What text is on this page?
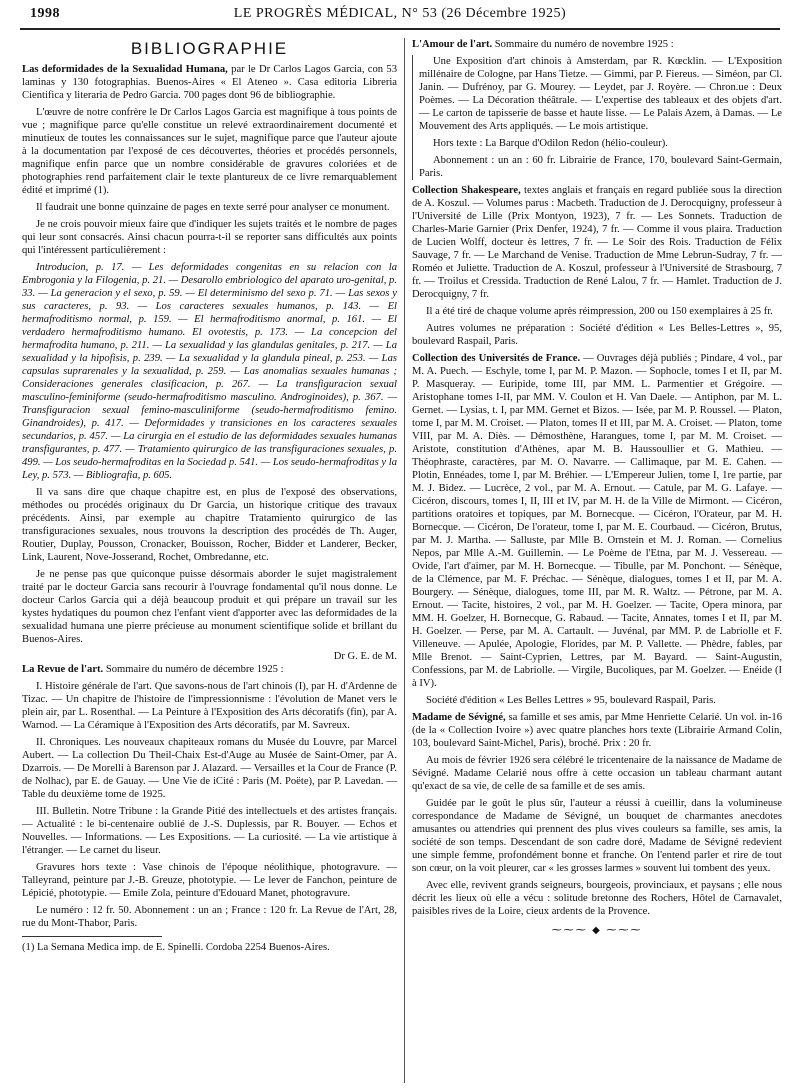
1998	LE PROGRÈS MÉDICAL, N° 53 (26 Décembre 1925)
BIBLIOGRAPHIE

Las deformidades de la Sexualidad Humana, par le Dr Carlos Lagos Garcia, con 53 laminas y 130 fotographias. Buenos-Aires « El Ateneo ». Casa editoria Libreria Cientifica y literaria de Pedro Garcia. 700 pages dont 96 de bibliographie.

L'œuvre de notre confrère le Dr Carlos Lagos Garcia est magnifique à tous points de vue ; magnifique parce qu'elle constitue un relevé extraordinairement documenté et minutieux de toutes les connaissances sur le sujet, magnifique parce que l'auteur ajoute à la documentation par l'exposé de ces découvertes, théories et procédés personnels, magnifique enfin parce que un nombre considérable de gravures coloriées et de photographies rend parfaitement clair le texte plantureux de ce livre remarquablement édité et imprimé (1).

Il faudrait une bonne quinzaine de pages en texte serré pour analyser ce monument.

Je ne crois pouvoir mieux faire que d'indiquer les sujets traités et le nombre de pages qui leur sont consacrés. Ainsi chacun pourra-t-il se reporter sans difficultés aux points qui l'intéressent particulièrement :

Introducion, p. 17. — Les deformidades congenitas en su relacion con la Embrogonia y la Filogenia, p. 21. — Desarollo embriologico del aparato uro-genital, p. 33. — La generacion y el sexo, p. 59. — El determinismo del sexo p. 71. — Las sexos y sus caracteres, p. 93. — Los caracteres sexuales humanos, p. 143. — El hermafroditismo normal, p. 159. — El hermafroditismo anormal, p. 161. — El verdadero hermafroditismo humano. El ovotestis, p. 173. — La concepcion del hermafrodita humano, p. 211. — La sexualidad y las glandulas genitales, p. 217. — La sexualidad y la hipofisis, p. 239. — La sexualidad y la glandula pineal, p. 253. — Las capsulas suprarenales y la sexualidad, p. 259. — Las anomalias sexuales humanas ; Consideraciones generales clasificacion, p. 267. — La transfiguracion sexual masculino-feminiforme (seudo-hermafroditismo masculino. Androginoides), p. 367. — Transfiguracion sexual femino-masculiniforme (seudo-hermafroditismo femino. Ginandroides), p. 417. — Deformidades y transiciones en los caracteres sexuales secundarios, p. 457. — La cirurgia en el estudio de las deformidades sexuales humanas transfigurantes, p. 477. — Tratamiento quirurgico de las transfiguraciones sexuales, p. 499. — Los seudo-hermafroditas en la Sociedad p. 541. — Los seudo-hermafroditas y la Ley, p. 573. — Bibliografia, p. 605.

Il va sans dire que chaque chapitre est, en plus de l'exposé des observations, méthodes ou procédés originaux du Dr Garcia, un historique critique des travaux précédents. Ainsi, par exemple au chapitre Tratamiento quirurgico de las transfiguraciones sexuales, nous trouvons la description des procédés de Th. Auger, Routier, Duplay, Pousson, Cronacker, Bouisson, Rocher, Bidder et Landerer, Becker, Link, Laurent, Nove-Josserand, Rochet, Ombredanne, etc.

Je ne pense pas que quiconque puisse désormais aborder le sujet magistralement traité par le docteur Garcia sans recourir à l'ouvrage fondamental qu'il nous donne. Le docteur Carlos Garcia qui a déjà beaucoup produit et qui prépare un travail sur les kystes hydatiques du poumon chez l'enfant vient d'apporter avec las deformidades de la sexualidad humana une pierre précieuse au monument scientifique solide et brillant du Buenos-Aires.

Dr G. E. de M.

La Revue de l'art. Sommaire du numéro de décembre 1925 :

I. Histoire générale de l'art. Que savons-nous de l'art chinois (I), par H. d'Ardenne de Tizac. — Un chapitre de l'histoire de l'impressionnisme : l'évolution de Manet vers le plein air, par L. Rosenthal. — La Peinture à l'Exposition des Arts décoratifs (fin), par A. Warnod. — La Céramique à l'Exposition des Arts décoratifs, par M. Savreux.

II. Chroniques. Les nouveaux chapiteaux romans du Musée du Louvre, par Marcel Aubert. — La collection Du Theil-Chaix Est-d'Auge au Musée de Saint-Omer, par A. Dzarrois. — De Morelli à Barenson par J. Alazard. — Versailles et la Cour de France (P. de Nolhac), par E. de Gauay. — Une Vie de iCité : Paris (M. Poëte), par P. Lavedan. — Table du deuxième tome de 1925.

III. Bulletin. Notre Tribune : la Grande Pitié des intellectuels et des artistes français. — Actualité : le bi-centenaire oublié de J.-S. Duplessis, par R. Bouyer. — Echos et Nouvelles. — Informations. — Les Expositions. — La curiosité. — La vie artistique à l'étranger. — Le carnet du liseur.

Gravures hors texte : Vase chinois de l'époque néolithique, photogravure. — Talleyrand, peinture par J.-B. Greuze, phototypie. — Le lever de Fanchon, peinture de Lépicié, phototypie. — Emile Zola, peinture d'Edouard Manet, photogravure.

Le numéro : 12 fr. 50. Abonnement : un an ; France : 120 fr. La Revue de l'Art, 28, rue du Mont-Thabor, Paris.

(1) La Semana Medica imp. de E. Spinelli. Cordoba 2254 Buenos-Aires.

L'Amour de l'art. Sommaire du numéro de novembre 1925 :

Une Exposition d'art chinois à Amsterdam, par R. Kœcklin. — L'Exposition millénaire de Cologne, par Hans Tietze. — Gimmi, par P. Fiereus. — Siméon, par Cl. Janin. — Dufrénoy, par G. Mourey. — Leydet, par J. Royère. — Chron.ue : Deux Poèmes. — La Décoration théâtrale. — L'expertise des tableaux et des objets d'art. — Le carton de tapisserie de basse et haute lisse. — Le Palais Azem, à Damas. — Le Mouvement des Arts appliqués. — Le mois artistique.

Hors texte : La Barque d'Odilon Redon (hélio-couleur).

Abonnement : un an : 60 fr. Librairie de France, 170, boulevard Saint-Germain, Paris.

Collection Shakespeare, textes anglais et français en regard publiée sous la direction de A. Koszul. — Volumes parus : Macbeth. Traduction de J. Derocquigny, professeur à l'Université de Lille (Prix Montyon, 1923), 7 fr. — Les Sonnets. Traduction de Charles-Marie Garnier (Prix Denfer, 1924), 7 fr. — Comme il vous plaira. Traduction de Lucien Wolff, docteur ès lettres, 7 fr. — Le Soir des Rois. Traduction de Félix Sauvage, 7 fr. — Le Marchand de Venise. Traduction de Mme Lebrun-Sudray, 7 fr. — Roméo et Juliette. Traduction de A. Koszul, professeur à l'Université de Strasbourg, 7 fr. — Troilus et Cressida. Traduction de René Lalou, 7 fr. — Hamlet. Traduction de J. Derocquigny, 7 fr.

Il a été tiré de chaque volume après réimpression, 200 ou 150 exemplaires à 25 fr.

Autres volumes ne préparation : Société d'édition « Les Belles-Lettres », 95, boulevard Raspail, Paris.

Collection des Universités de France. — Ouvrages déjà publiés ; Pindare, 4 vol., par M. A. Puech. — Eschyle, tome I, par M. P. Mazon. — Sophocle, tomes I et II, par M. P. Masqueray. — Euripide, tome III, par MM. L. Parmentier et Grégoire. — Aristophane tomes I-II, par MM. V. Coulon et H. Van Daele. — Antiphon, par M. L. Gernet. — Lysias, t. I, par MM. Gernet et Bizos. — Isée, par M. P. Roussel. — Platon, tome I, par M. M. Croiset. — Platon, tomes II et III, par M. A. Croiset. — Platon, tome VIII, par M. A. Diès. — Démosthène, Harangues, tome I, par M. M. Croiset. — Aristote, constitution d'Athènes, apar M. B. Haussoullier et G. Mathieu. — Théophraste, caractères, par M. O. Navarre. — Callimaque, par M. E. Cahen. — Plotin, Ennéades, tome I, par M. Bréhier. — L'Empereur Julien, tome I, 1re partie, par M. J. Bidez. — Lucrèce, 2 vol., par M. A. Ernout. — Catule, par M. G. Lafaye. — Cicéron, discours, tomes I, II, III et IV, par M. H. de la Ville de Mirmont. — Cicéron, partitions oratoires et topiques, par M. Bornecque. — Cicéron, l'Orateur, par M. H. Bornecque. — Cicéron, De l'orateur, tome I, par M. E. Courbaud. — Cicéron, Brutus, par M. J. Martha. — Salluste, par Mlle B. Ornstein et M. J. Roman. — Cornelius Nepos, par Mlle A.-M. Guillemin. — Le Poème de l'Etna, par M. J. Vessereau. — Ovide, l'art d'aimer, par M. H. Bornecque. — Tibulle, par M. Ponchont. — Sénèque, de la Clémence, par M. F. Préchac. — Sénèque, dialogues, tomes I et II, par M. A. Bourgery. — Sénèque, dialogues, tome III, par M. R. Waltz. — Pétrone, par M. A. Ernout. — Tacite, histoires, 2 vol., par M. H. Goelzer. — Tacite, Opera minora, par MM. H. Goelzer, H. Bornecque, G. Rabaud. — Tacite, Annates, tomes I et II, par M. H. Goelzer. — Perse, par M. A. Cartault. — Juvénal, par MM. P. de Labriolle et F. Villeneuve. — Apulée, Apologie, Florides, par M. P. Vallette. — Phèdre, fables, par Mlle Brenot. — Saint-Cyprien, Lettres, par M. Bayard. — Saint-Augustin, Confessions, par M. de Labriolle. — Virgile, Bucoliques, par M. Goelzer. — Enéide (I à IV).

Société d'édition « Les Belles Lettres » 95, boulevard Raspail, Paris.

Madame de Sévigné, sa famille et ses amis, par Mme Henriette Celarié. Un vol. in-16 (de la « Collection Ivoire ») avec quatre planches hors texte (Librairie Armand Colin, 103, boulevard Saint-Michel, Paris), broché. Prix : 20 fr.

Au mois de février 1926 sera célébré le tricentenaire de la naissance de Madame de Sévigné. Madame Celarié nous offre à cette occasion un tableau charmant autant qu'exact de sa vie, de celle de sa famille et de ses amis.

Guidée par le goût le plus sûr, l'auteur a réussi à cueillir, dans la volumineuse correspondance de Madame de Sévigné, un bouquet de charmantes anecdotes amusantes ou attendries qui prennent des plus vives couleurs sa famille, ses amis, la société de son temps. Descendant de son cadre doré, Madame de Sévigné redevient une simple femme, profondément bonne et franche. On l'entend parler et rire de tout son cœur, on la voit pleurer, car « les grosses larmes » souvent lui tombent des yeux.

Avec elle, revivent grands seigneurs, bourgeois, provinciaux, et paysans ; elle nous décrit les lieux où elle a vécu : solitude bretonne des Rochers, Hôtel de Carnavalet, paisibles rives de la Loire, cieux ardents de la Provence.

⁓⁓⁓ ◆ ⁓⁓⁓
